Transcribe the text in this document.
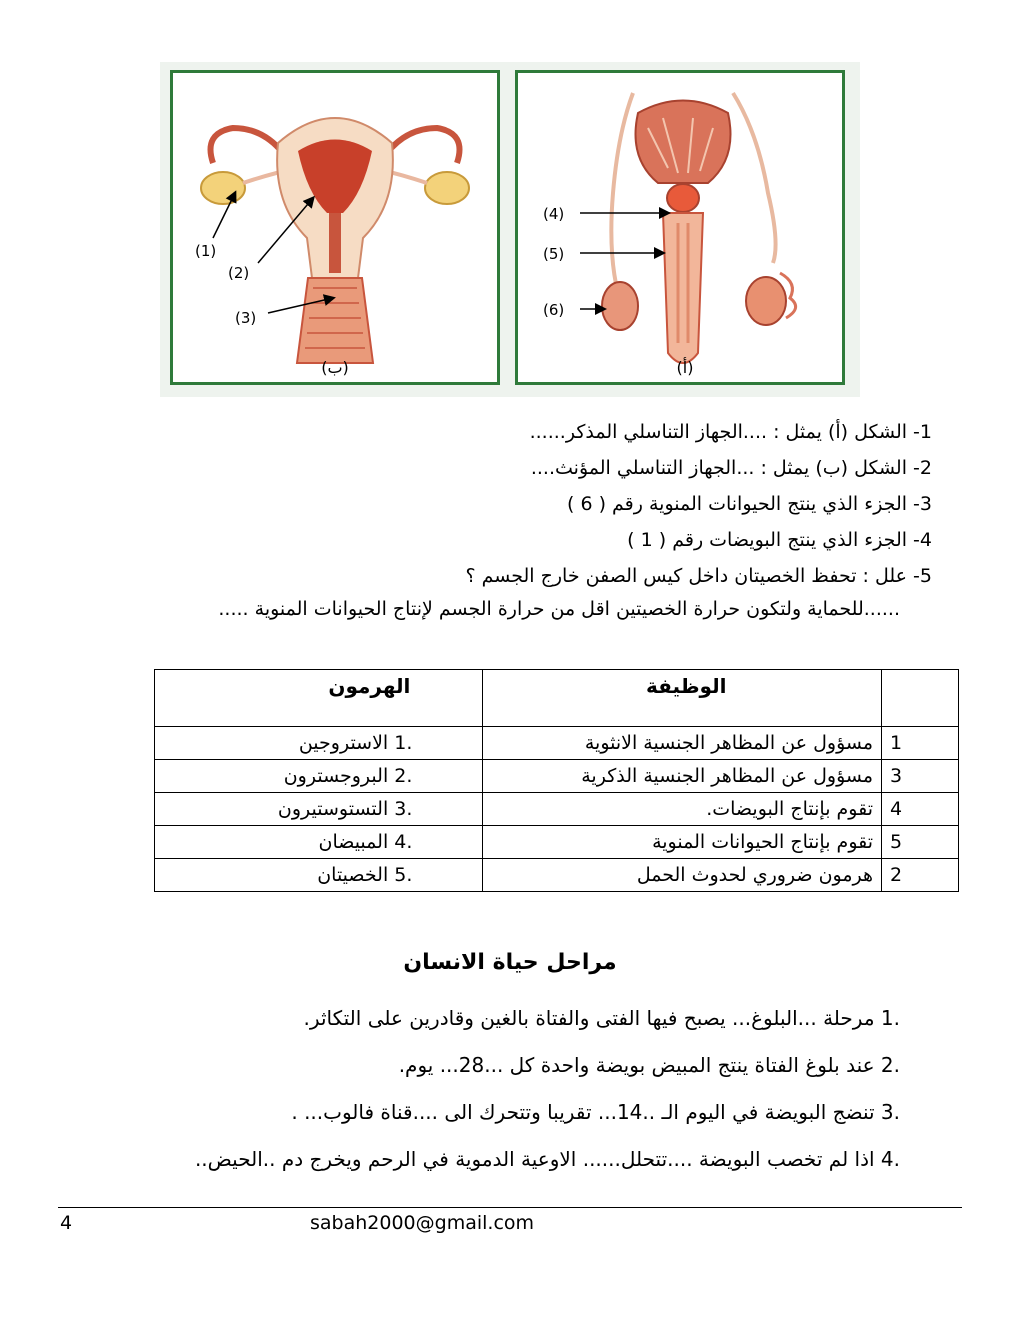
(1)
(2)
(3)
(ب)
(4)
(5)
(6)
(أ)
1- الشكل (أ) يمثل : ....الجهاز التناسلي المذكر......
2- الشكل (ب) يمثل : ...الجهاز التناسلي المؤنث....
3- الجزء الذي ينتج الحيوانات المنوية رقم ( 6 )
4- الجزء الذي ينتج البويضات رقم ( 1 )
5- علل : تحفظ الخصيتان داخل كيس الصفن خارج الجسم ؟
......للحماية ولتكون حرارة الخصيتين اقل من حرارة الجسم لإنتاج الحيوانات المنوية .....
الهرمون	الوظيفة	
.1 الاستروجين	مسؤول عن المظاهر الجنسية الانثوية	1
.2 البروجسترون	مسؤول عن المظاهر الجنسية الذكرية	3
.3 التستوستيرون	تقوم بإنتاج البويضات.	4
.4 المبيضان	تقوم بإنتاج الحيوانات المنوية	5
.5 الخصيتان	هرمون ضروري لحدوث الحمل	2
مراحل حياة الانسان
.1 مرحلة ...البلوغ... يصبح فيها الفتى والفتاة بالغين وقادرين على التكاثر.
.2 عند بلوغ الفتاة ينتج المبيض بويضة واحدة كل ...28... يوم.
.3 تنضج البويضة في اليوم الـ ..14... تقريبا وتتحرك الى ....قناة فالوب... .
.4 اذا لم تخصب البويضة ....تتحلل...... الاوعية الدموية في الرحم ويخرج دم ..الحيض..
4	sabah2000@gmail.com
